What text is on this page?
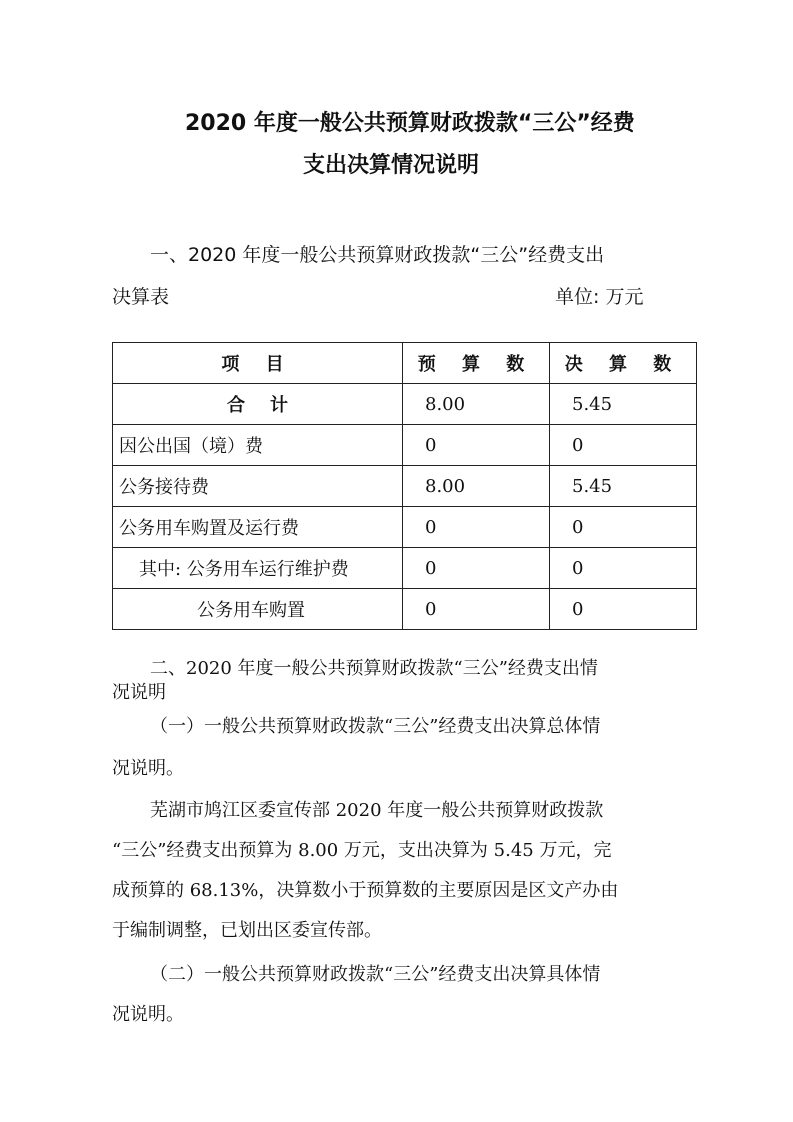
2020 年度一般公共预算财政拨款“三公”经费
支出决算情况说明
一、2020 年度一般公共预算财政拨款“三公”经费支出
决算表	单位: 万元
项 目	预 算 数	决 算 数
合    计	8.00	5.45
因公出国（境）费	0	0
公务接待费	8.00	5.45
公务用车购置及运行费	0	0
其中: 公务用车运行维护费	0	0
公务用车购置	0	0
二、2020 年度一般公共预算财政拨款“三公”经费支出情
况说明
（一）一般公共预算财政拨款“三公”经费支出决算总体情
况说明。
芜湖市鸠江区委宣传部 2020 年度一般公共预算财政拨款
“三公”经费支出预算为 8.00 万元，支出决算为 5.45 万元，完
成预算的 68.13%，决算数小于预算数的主要原因是区文产办由
于编制调整，已划出区委宣传部。
（二）一般公共预算财政拨款“三公”经费支出决算具体情
况说明。
